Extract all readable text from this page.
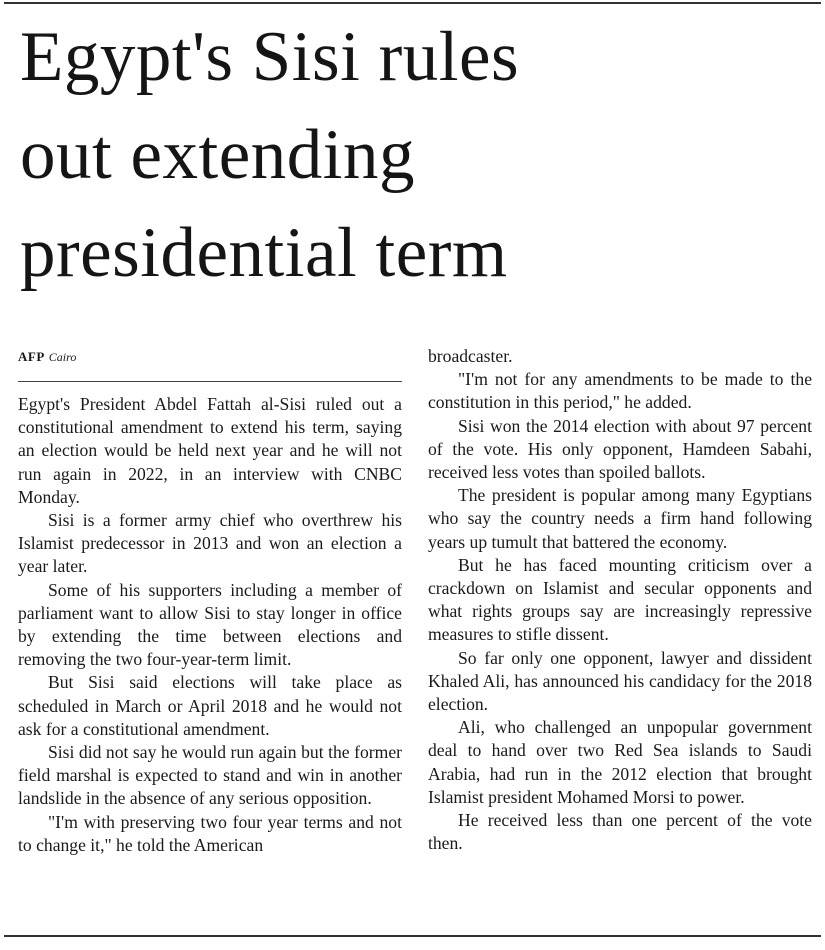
Egypt's Sisi rules
out extending
presidential term
AFP Cairo

Egypt's President Abdel Fattah al-Sisi ruled out a constitutional amendment to extend his term, saying an election would be held next year and he will not run again in 2022, in an interview with CNBC Monday.

Sisi is a former army chief who overthrew his Islamist predecessor in 2013 and won an election a year later.

Some of his supporters including a member of parliament want to allow Sisi to stay longer in office by extending the time between elections and removing the two four-year-term limit.

But Sisi said elections will take place as scheduled in March or April 2018 and he would not ask for a constitutional amendment.

Sisi did not say he would run again but the former field marshal is expected to stand and win in another landslide in the absence of any serious opposition.

"I'm with preserving two four year terms and not to change it," he told the American

broadcaster.

"I'm not for any amendments to be made to the constitution in this period," he added.

Sisi won the 2014 election with about 97 percent of the vote. His only opponent, Hamdeen Sabahi, received less votes than spoiled ballots.

The president is popular among many Egyptians who say the country needs a firm hand following years up tumult that battered the economy.

But he has faced mounting criticism over a crackdown on Islamist and secular opponents and what rights groups say are increasingly repressive measures to stifle dissent.

So far only one opponent, lawyer and dissident Khaled Ali, has announced his candidacy for the 2018 election.

Ali, who challenged an unpopular government deal to hand over two Red Sea islands to Saudi Arabia, had run in the 2012 election that brought Islamist president Mohamed Morsi to power.

He received less than one percent of the vote then.
